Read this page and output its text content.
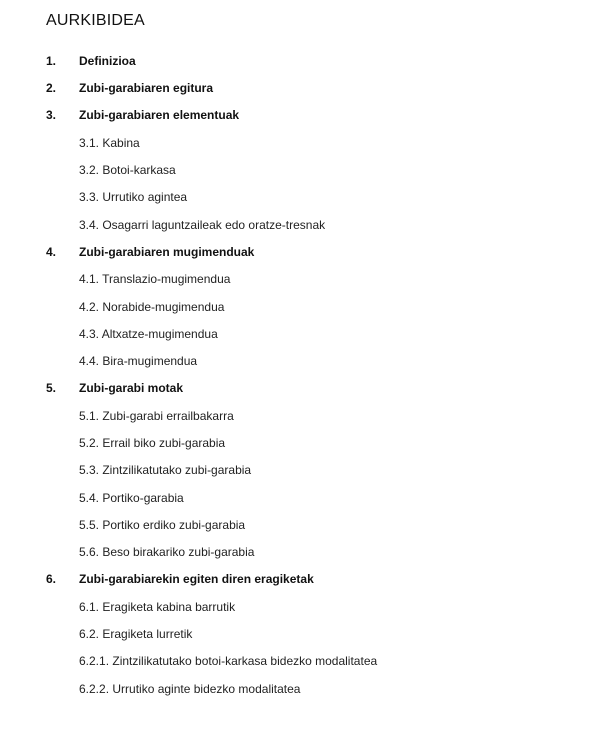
AURKIBIDEA
1. Definizioa
2. Zubi-garabiaren egitura
3. Zubi-garabiaren elementuak
3.1. Kabina
3.2. Botoi-karkasa
3.3. Urrutiko agintea
3.4. Osagarri laguntzaileak edo oratze-tresnak
4. Zubi-garabiaren mugimenduak
4.1. Translazio-mugimendua
4.2. Norabide-mugimendua
4.3. Altxatze-mugimendua
4.4. Bira-mugimendua
5. Zubi-garabi motak
5.1. Zubi-garabi errailbakarra
5.2. Errail biko zubi-garabia
5.3. Zintzilikatutako zubi-garabia
5.4. Portiko-garabia
5.5. Portiko erdiko zubi-garabia
5.6. Beso birakariko zubi-garabia
6. Zubi-garabiarekin egiten diren eragiketak
6.1. Eragiketa kabina barrutik
6.2. Eragiketa lurretik
6.2.1. Zintzilikatutako botoi-karkasa bidezko modalitatea
6.2.2. Urrutiko aginte bidezko modalitatea
